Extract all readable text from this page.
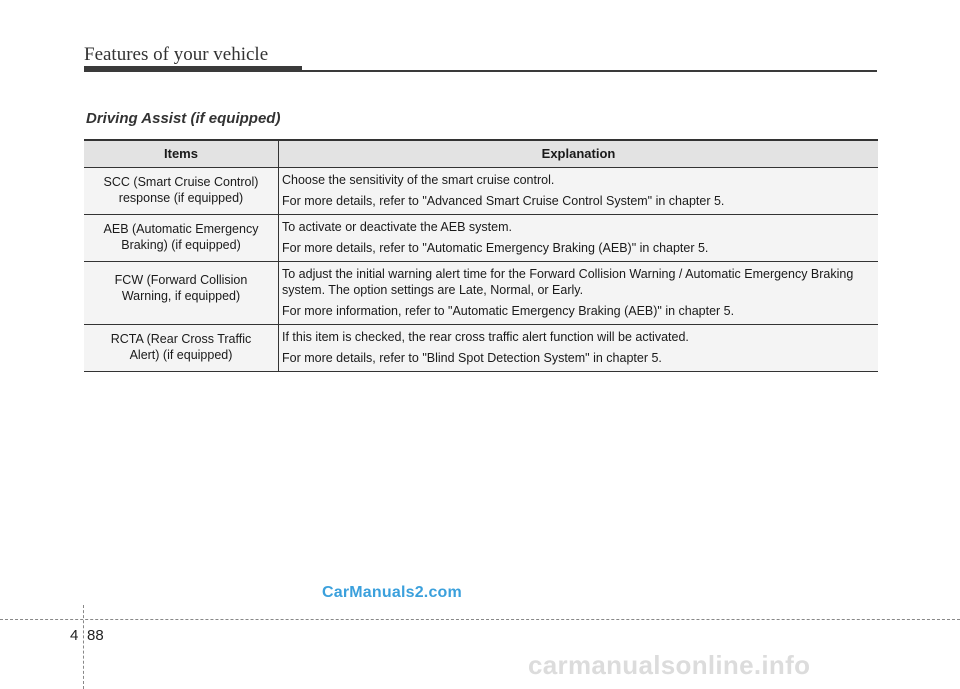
Features of your vehicle
Driving Assist (if equipped)
Items	Explanation

SCC (Smart Cruise Control)
response (if equipped)	Choose the sensitivity of the smart cruise control.
For more details, refer to "Advanced Smart Cruise Control System" in chapter 5.

AEB (Automatic Emergency
Braking) (if equipped)	To activate or deactivate the AEB system.
For more details, refer to "Automatic Emergency Braking (AEB)" in chapter 5.

FCW (Forward Collision
Warning, if equipped)	To adjust the initial warning alert time for the Forward Collision Warning / Automatic Emergency Braking system. The option settings are Late, Normal, or Early.
For more information, refer to "Automatic Emergency Braking (AEB)" in chapter 5.

RCTA (Rear Cross Traffic
Alert) (if equipped)	If this item is checked, the rear cross traffic alert function will be activated.
For more details, refer to "Blind Spot Detection System" in chapter 5.
CarManuals2.com
4 88
carmanualsonline.info
